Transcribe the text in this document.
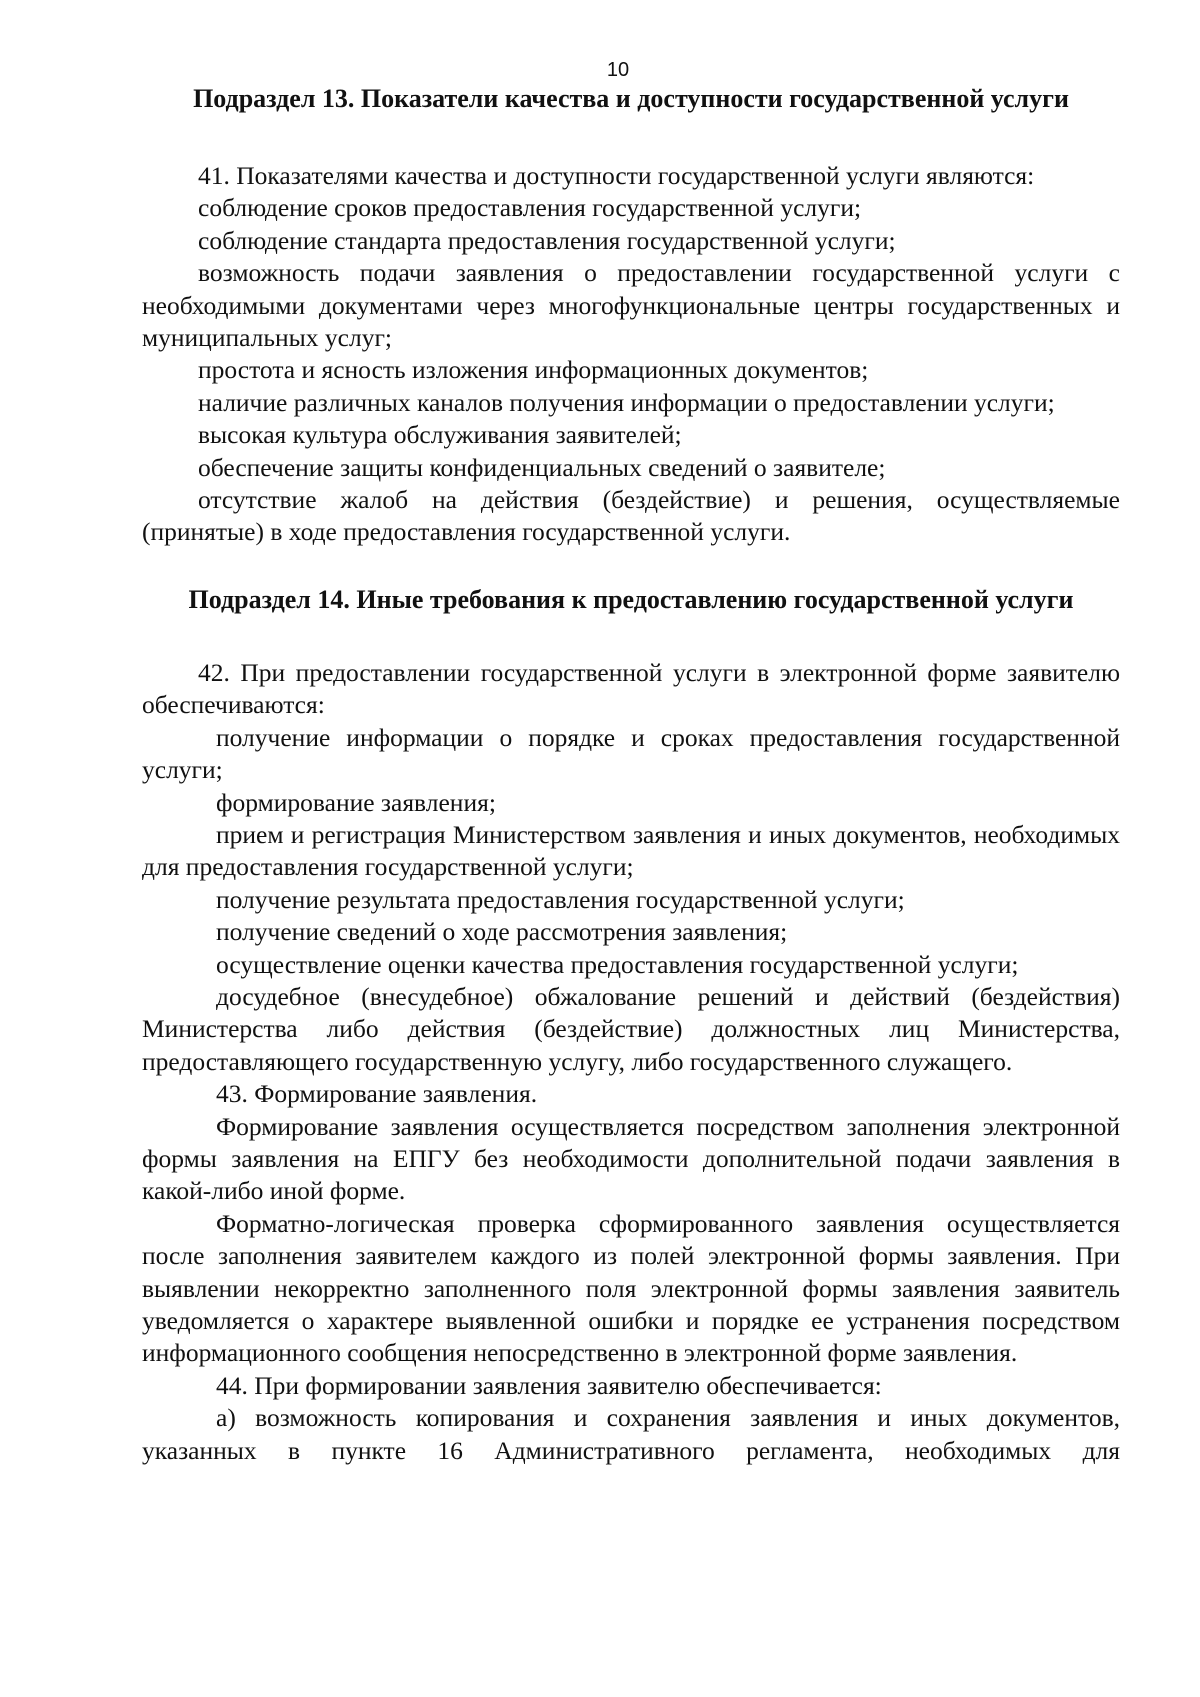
10
Подраздел 13. Показатели качества и доступности государственной услуги

41. Показателями качества и доступности государственной услуги являются:

соблюдение сроков предоставления государственной услуги;

соблюдение стандарта предоставления государственной услуги;

возможность подачи заявления о предоставлении государственной услуги с необходимыми документами через многофункциональные центры государственных и муниципальных услуг;

простота и ясность изложения информационных документов;

наличие различных каналов получения информации о предоставлении услуги;

высокая культура обслуживания заявителей;

обеспечение защиты конфиденциальных сведений о заявителе;

отсутствие жалоб на действия (бездействие) и решения, осуществляемые (принятые) в ходе предоставления государственной услуги.

Подраздел 14. Иные требования к предоставлению государственной услуги

42. При предоставлении государственной услуги в электронной форме заявителю обеспечиваются:

получение информации о порядке и сроках предоставления государственной услуги;

формирование заявления;

прием и регистрация Министерством заявления и иных документов, необходимых для предоставления государственной услуги;

получение результата предоставления государственной услуги;

получение сведений о ходе рассмотрения заявления;

осуществление оценки качества предоставления государственной услуги;

досудебное (внесудебное) обжалование решений и действий (бездействия) Министерства либо действия (бездействие) должностных лиц Министерства, предоставляющего государственную услугу, либо государственного служащего.

43. Формирование заявления.

Формирование заявления осуществляется посредством заполнения электронной формы заявления на ЕПГУ без необходимости дополнительной подачи заявления в какой-либо иной форме.

Форматно-логическая проверка сформированного заявления осуществляется после заполнения заявителем каждого из полей электронной формы заявления. При выявлении некорректно заполненного поля электронной формы заявления заявитель уведомляется о характере выявленной ошибки и порядке ее устранения посредством информационного сообщения непосредственно в электронной форме заявления.

44. При формировании заявления заявителю обеспечивается:

а) возможность копирования и сохранения заявления и иных документов, указанных в пункте 16 Административного регламента, необходимых для
